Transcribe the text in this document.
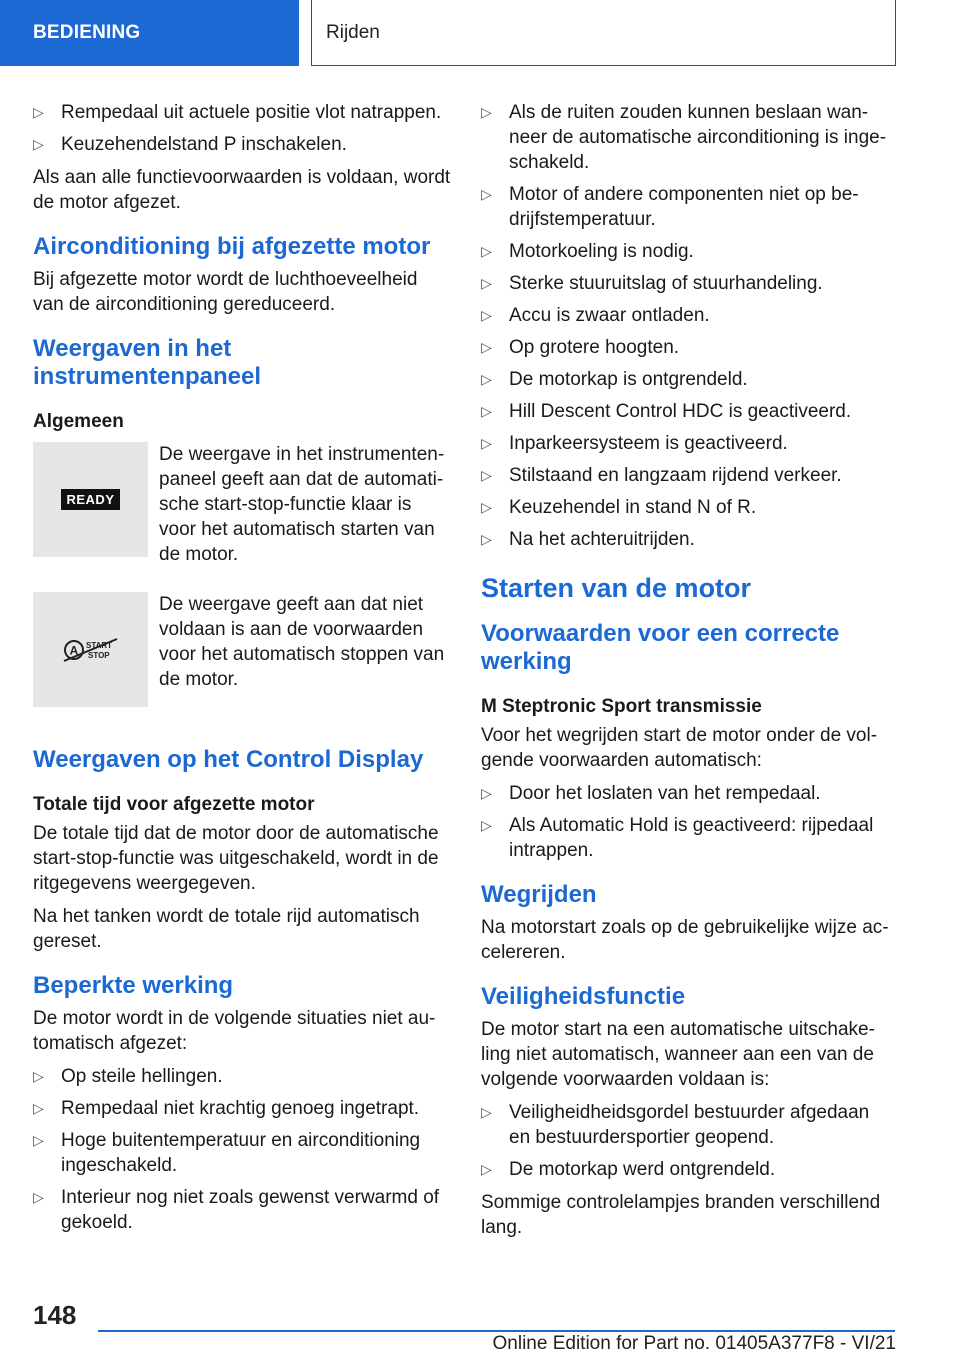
BEDIENING	Rijden
▷ Rempedaal uit actuele positie vlot natrappen.
▷ Keuzehendelstand P inschakelen.

Als aan alle functievoorwaarden is voldaan, wordt de motor afgezet.

Airconditioning bij afgezette motor

Bij afgezette motor wordt de luchthoeveelheid van de airconditioning gereduceerd.

Weergaven in het instrumentenpaneel
Algemeen
READY
De weergave in het instrumenten-paneel geeft aan dat de automati-sche start-stop-functie klaar is voor het automatisch starten van de motor.
A START
STOP
De weergave geeft aan dat niet voldaan is aan de voorwaarden voor het automatisch stoppen van de motor.
Weergaven op het Control Display
Totale tijd voor afgezette motor

De totale tijd dat de motor door de automatische start-stop-functie was uitgeschakeld, wordt in de ritgegevens weergegeven.

Na het tanken wordt de totale rijd automatisch gereset.

Beperkte werking

De motor wordt in de volgende situaties niet au-tomatisch afgezet:

▷ Op steile hellingen.
▷ Rempedaal niet krachtig genoeg ingetrapt.
▷ Hoge buitentemperatuur en airconditioning ingeschakeld.
▷ Interieur nog niet zoals gewenst verwarmd of gekoeld.
▷ Als de ruiten zouden kunnen beslaan wan-neer de automatische airconditioning is inge-schakeld.
▷ Motor of andere componenten niet op be-drijfstemperatuur.
▷ Motorkoeling is nodig.
▷ Sterke stuuruitslag of stuurhandeling.
▷ Accu is zwaar ontladen.
▷ Op grotere hoogten.
▷ De motorkap is ontgrendeld.
▷ Hill Descent Control HDC is geactiveerd.
▷ Inparkeersysteem is geactiveerd.
▷ Stilstaand en langzaam rijdend verkeer.
▷ Keuzehendel in stand N of R.
▷ Na het achteruitrijden.
Starten van de motor
Voorwaarden voor een correcte werking
M Steptronic Sport transmissie

Voor het wegrijden start de motor onder de vol-gende voorwaarden automatisch:

▷ Door het loslaten van het rempedaal.
▷ Als Automatic Hold is geactiveerd: rijpedaal intrappen.
Wegrijden

Na motorstart zoals op de gebruikelijke wijze ac-celereren.

Veiligheidsfunctie

De motor start na een automatische uitschake-ling niet automatisch, wanneer aan een van de volgende voorwaarden voldaan is:

▷ Veiligheidheidsgordel bestuurder afgedaan en bestuurdersportier geopend.
▷ De motorkap werd ontgrendeld.

Sommige controlelampjes branden verschillend lang.

148
Online Edition for Part no. 01405A377F8 - VI/21
